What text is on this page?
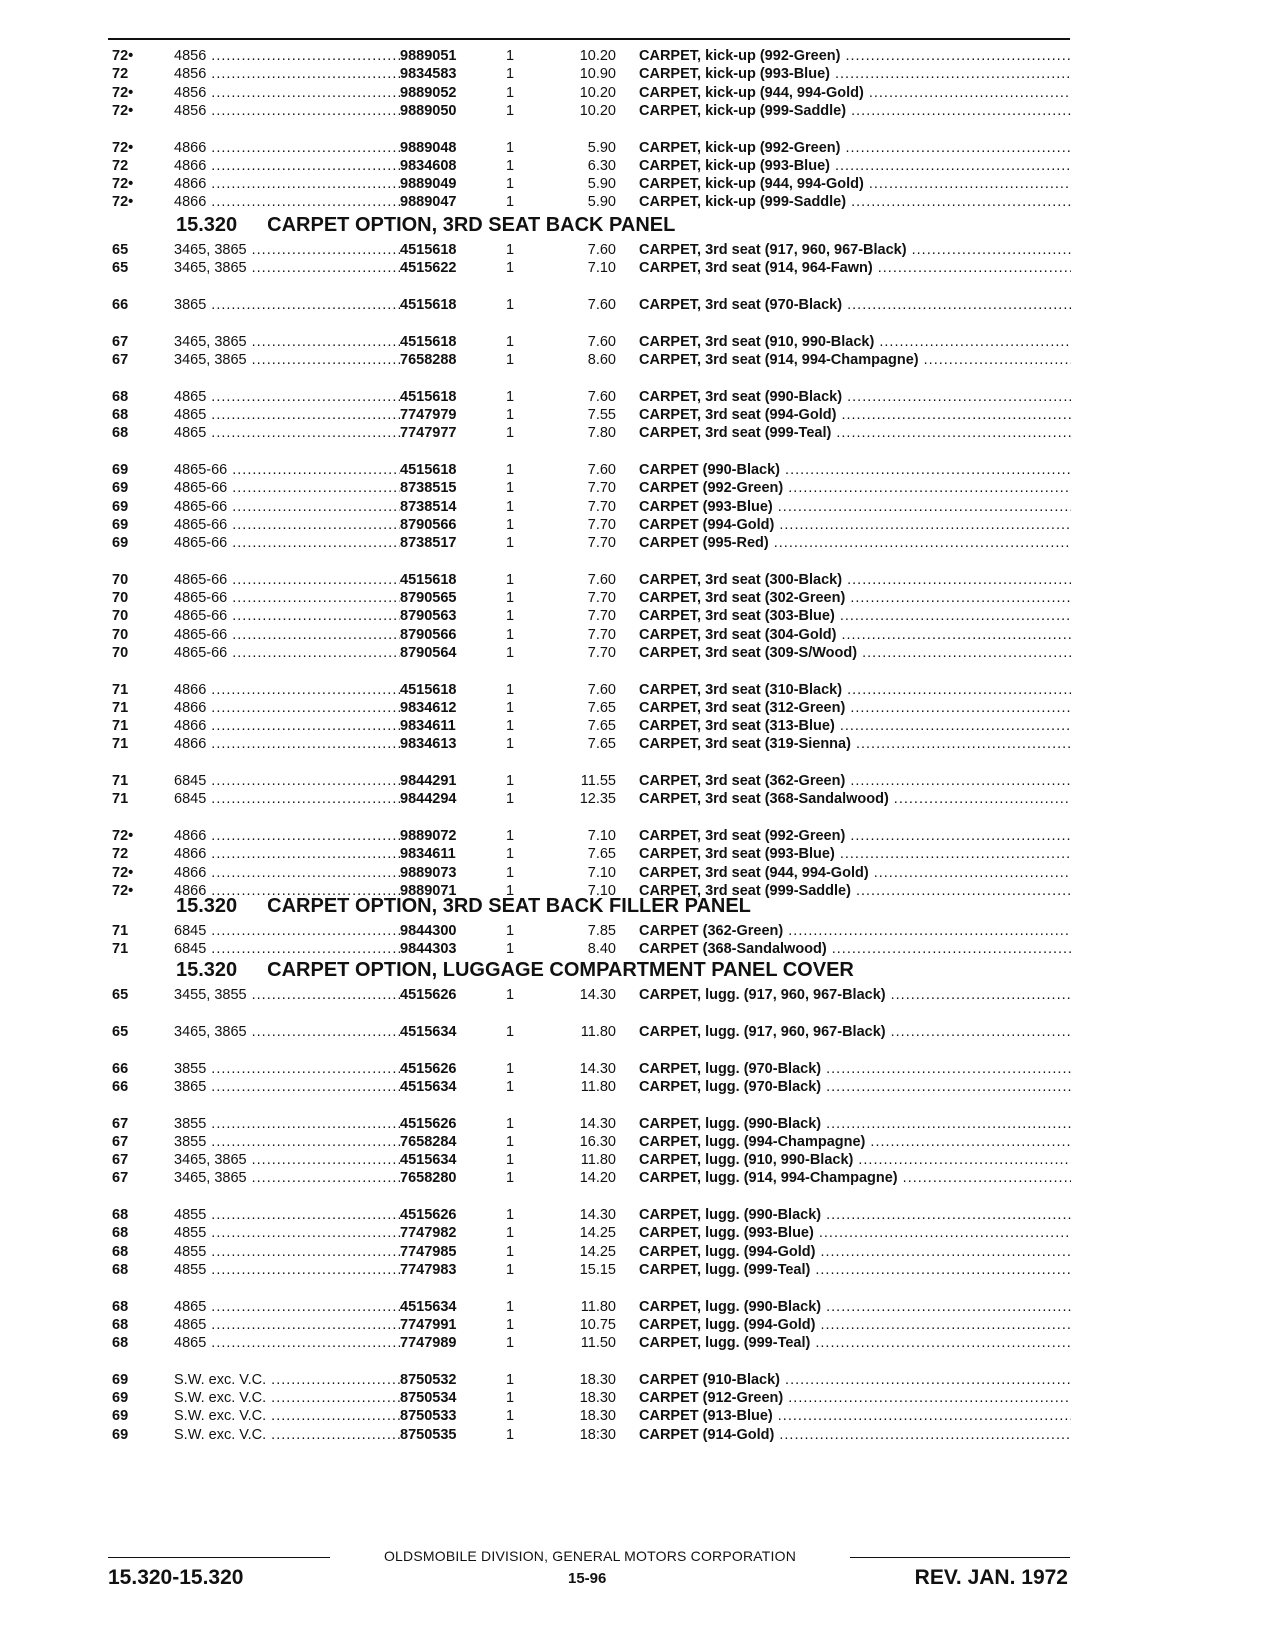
OLDSMOBILE DIVISION, GENERAL MOTORS CORPORATION
15.320-15.320	15-96	REV. JAN. 1972
72•	4856 .....	9889051	1	10.20 CARPET, kick-up (992-Green) .....
72	4856 .....	9834583	1	10.90 CARPET, kick-up (993-Blue) .....
72•	4856 .....	9889052	1	10.20 CARPET, kick-up (944, 994-Gold) .....
72•	4856 .....	9889050	1	10.20 CARPET, kick-up (999-Saddle) .....
72•	4866 .....	9889048	1	5.90 CARPET, kick-up (992-Green) .....
72	4866 .....	9834608	1	6.30 CARPET, kick-up (993-Blue) .....
72•	4866 .....	9889049	1	5.90 CARPET, kick-up (944, 994-Gold) .....
72•	4866 .....	9889047	1	5.90 CARPET, kick-up (999-Saddle) .....
15.320 CARPET OPTION, 3RD SEAT BACK PANEL
65	3465, 3865 .....	4515618	1	7.60 CARPET, 3rd seat (917, 960, 967-Black) .....
65	3465, 3865 .....	4515622	1	7.10 CARPET, 3rd seat (914, 964-Fawn) .....
66	3865 .....	4515618	1	7.60 CARPET, 3rd seat (970-Black) .....
67	3465, 3865 .....	4515618	1	7.60 CARPET, 3rd seat (910, 990-Black) .....
67	3465, 3865 .....	7658288	1	8.60 CARPET, 3rd seat (914, 994-Champagne) .....
68	4865 .....	4515618	1	7.60 CARPET, 3rd seat (990-Black) .....
68	4865 .....	7747979	1	7.55 CARPET, 3rd seat (994-Gold) .....
68	4865 .....	7747977	1	7.80 CARPET, 3rd seat (999-Teal) .....
69	4865-66 .....	4515618	1	7.60 CARPET (990-Black) .....
69	4865-66 .....	8738515	1	7.70 CARPET (992-Green) .....
69	4865-66 .....	8738514	1	7.70 CARPET (993-Blue) .....
69	4865-66 .....	8790566	1	7.70 CARPET (994-Gold) .....
69	4865-66 .....	8738517	1	7.70 CARPET (995-Red) .....
70	4865-66 .....	4515618	1	7.60 CARPET, 3rd seat (300-Black) .....
70	4865-66 .....	8790565	1	7.70 CARPET, 3rd seat (302-Green) .....
70	4865-66 .....	8790563	1	7.70 CARPET, 3rd seat (303-Blue) .....
70	4865-66 .....	8790566	1	7.70 CARPET, 3rd seat (304-Gold) .....
70	4865-66 .....	8790564	1	7.70 CARPET, 3rd seat (309-S/Wood) .....
71	4866 .....	4515618	1	7.60 CARPET, 3rd seat (310-Black) .....
71	4866 .....	9834612	1	7.65 CARPET, 3rd seat (312-Green) .....
71	4866 .....	9834611	1	7.65 CARPET, 3rd seat (313-Blue) .....
71	4866 .....	9834613	1	7.65 CARPET, 3rd seat (319-Sienna) .....
71	6845 .....	9844291	1	11.55 CARPET, 3rd seat (362-Green) .....
71	6845 .....	9844294	1	12.35 CARPET, 3rd seat (368-Sandalwood) .....
72•	4866 .....	9889072	1	7.10 CARPET, 3rd seat (992-Green) .....
72	4866 .....	9834611	1	7.65 CARPET, 3rd seat (993-Blue) .....
72•	4866 .....	9889073	1	7.10 CARPET, 3rd seat (944, 994-Gold) .....
72•	4866 .....	9889071	1	7.10 CARPET, 3rd seat (999-Saddle) .....
15.320 CARPET OPTION, 3RD SEAT BACK FILLER PANEL
71	6845 .....	9844300	1	7.85 CARPET (362-Green) .....
71	6845 .....	9844303	1	8.40 CARPET (368-Sandalwood) .....
15.320 CARPET OPTION, LUGGAGE COMPARTMENT PANEL COVER
65	3455, 3855 .....	4515626	1	14.30 CARPET, lugg. (917, 960, 967-Black) .....
65	3465, 3865 .....	4515634	1	11.80 CARPET, lugg. (917, 960, 967-Black) .....
66	3855 .....	4515626	1	14.30 CARPET, lugg. (970-Black) .....
66	3865 .....	4515634	1	11.80 CARPET, lugg. (970-Black) .....
67	3855 .....	4515626	1	14.30 CARPET, lugg. (990-Black) .....
67	3855 .....	7658284	1	16.30 CARPET, lugg. (994-Champagne) .....
67	3465, 3865 .....	4515634	1	11.80 CARPET, lugg. (910, 990-Black) .....
67	3465, 3865 .....	7658280	1	14.20 CARPET, lugg. (914, 994-Champagne) .....
68	4855 .....	4515626	1	14.30 CARPET, lugg. (990-Black) .....
68	4855 .....	7747982	1	14.25 CARPET, lugg. (993-Blue) .....
68	4855 .....	7747985	1	14.25 CARPET, lugg. (994-Gold) .....
68	4855 .....	7747983	1	15.15 CARPET, lugg. (999-Teal) .....
68	4865 .....	4515634	1	11.80 CARPET, lugg. (990-Black) .....
68	4865 .....	7747991	1	10.75 CARPET, lugg. (994-Gold) .....
68	4865 .....	7747989	1	11.50 CARPET, lugg. (999-Teal) .....
69	S.W. exc. V.C. .....	8750532	1	18.30 CARPET (910-Black) .....
69	S.W. exc. V.C. .....	8750534	1	18.30 CARPET (912-Green) .....
69	S.W. exc. V.C. .....	8750533	1	18.30 CARPET (913-Blue) .....
69	S.W. exc. V.C. .....	8750535	1	18:30 CARPET (914-Gold) .....
